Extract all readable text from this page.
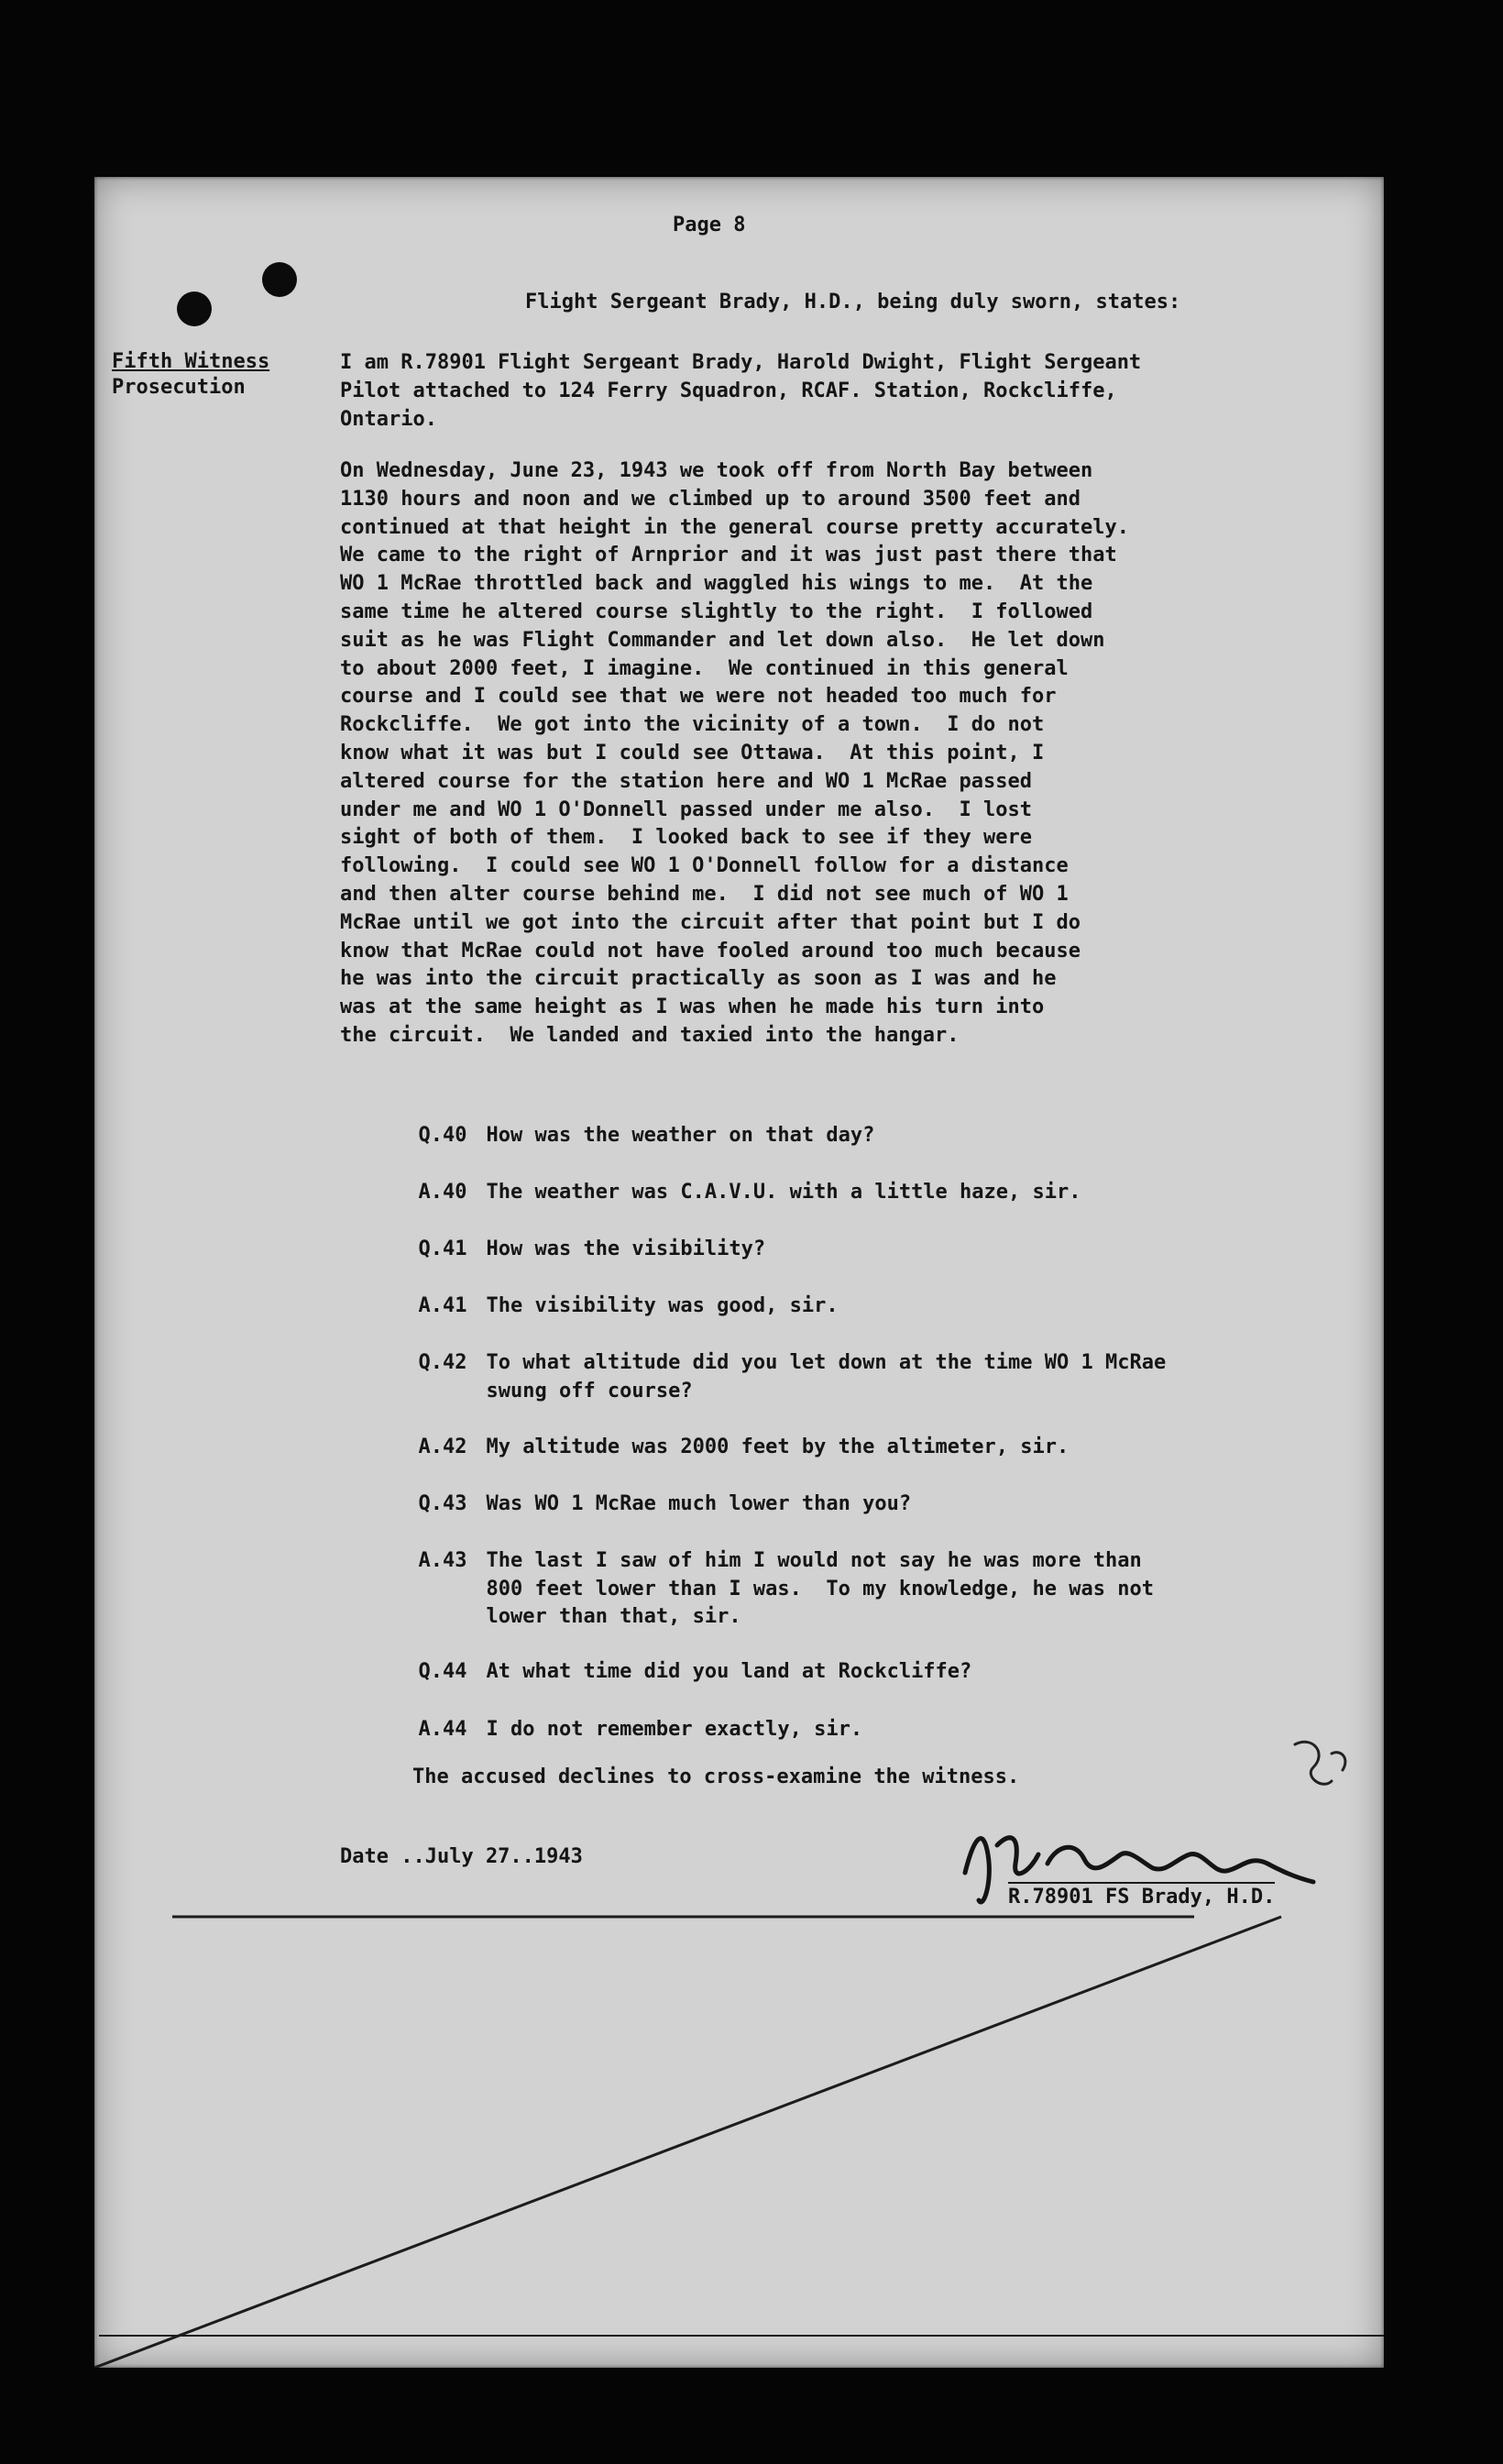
Page 8
Flight Sergeant Brady, H.D., being duly sworn, states:
Fifth Witness
Prosecution
I am R.78901 Flight Sergeant Brady, Harold Dwight, Flight Sergeant
Pilot attached to 124 Ferry Squadron, RCAF. Station, Rockcliffe,
Ontario.
On Wednesday, June 23, 1943 we took off from North Bay between
1130 hours and noon and we climbed up to around 3500 feet and
continued at that height in the general course pretty accurately.
We came to the right of Arnprior and it was just past there that
WO 1 McRae throttled back and waggled his wings to me.  At the
same time he altered course slightly to the right.  I followed
suit as he was Flight Commander and let down also.  He let down
to about 2000 feet, I imagine.  We continued in this general
course and I could see that we were not headed too much for
Rockcliffe.  We got into the vicinity of a town.  I do not
know what it was but I could see Ottawa.  At this point, I
altered course for the station here and WO 1 McRae passed
under me and WO 1 O'Donnell passed under me also.  I lost
sight of both of them.  I looked back to see if they were
following.  I could see WO 1 O'Donnell follow for a distance
and then alter course behind me.  I did not see much of WO 1
McRae until we got into the circuit after that point but I do
know that McRae could not have fooled around too much because
he was into the circuit practically as soon as I was and he
was at the same height as I was when he made his turn into
the circuit.  We landed and taxied into the hangar.

Q.40 How was the weather on that day?

A.40 The weather was C.A.V.U. with a little haze, sir.

Q.41 How was the visibility?

A.41 The visibility was good, sir.

Q.42 To what altitude did you let down at the time WO 1 McRae
swung off course?

A.42 My altitude was 2000 feet by the altimeter, sir.

Q.43 Was WO 1 McRae much lower than you?

A.43 The last I saw of him I would not say he was more than
800 feet lower than I was.  To my knowledge, he was not
lower than that, sir.

Q.44 At what time did you land at Rockcliffe?

A.44 I do not remember exactly, sir.

The accused declines to cross-examine the witness.
Date ..July 27..1943
R.78901 FS Brady, H.D.
